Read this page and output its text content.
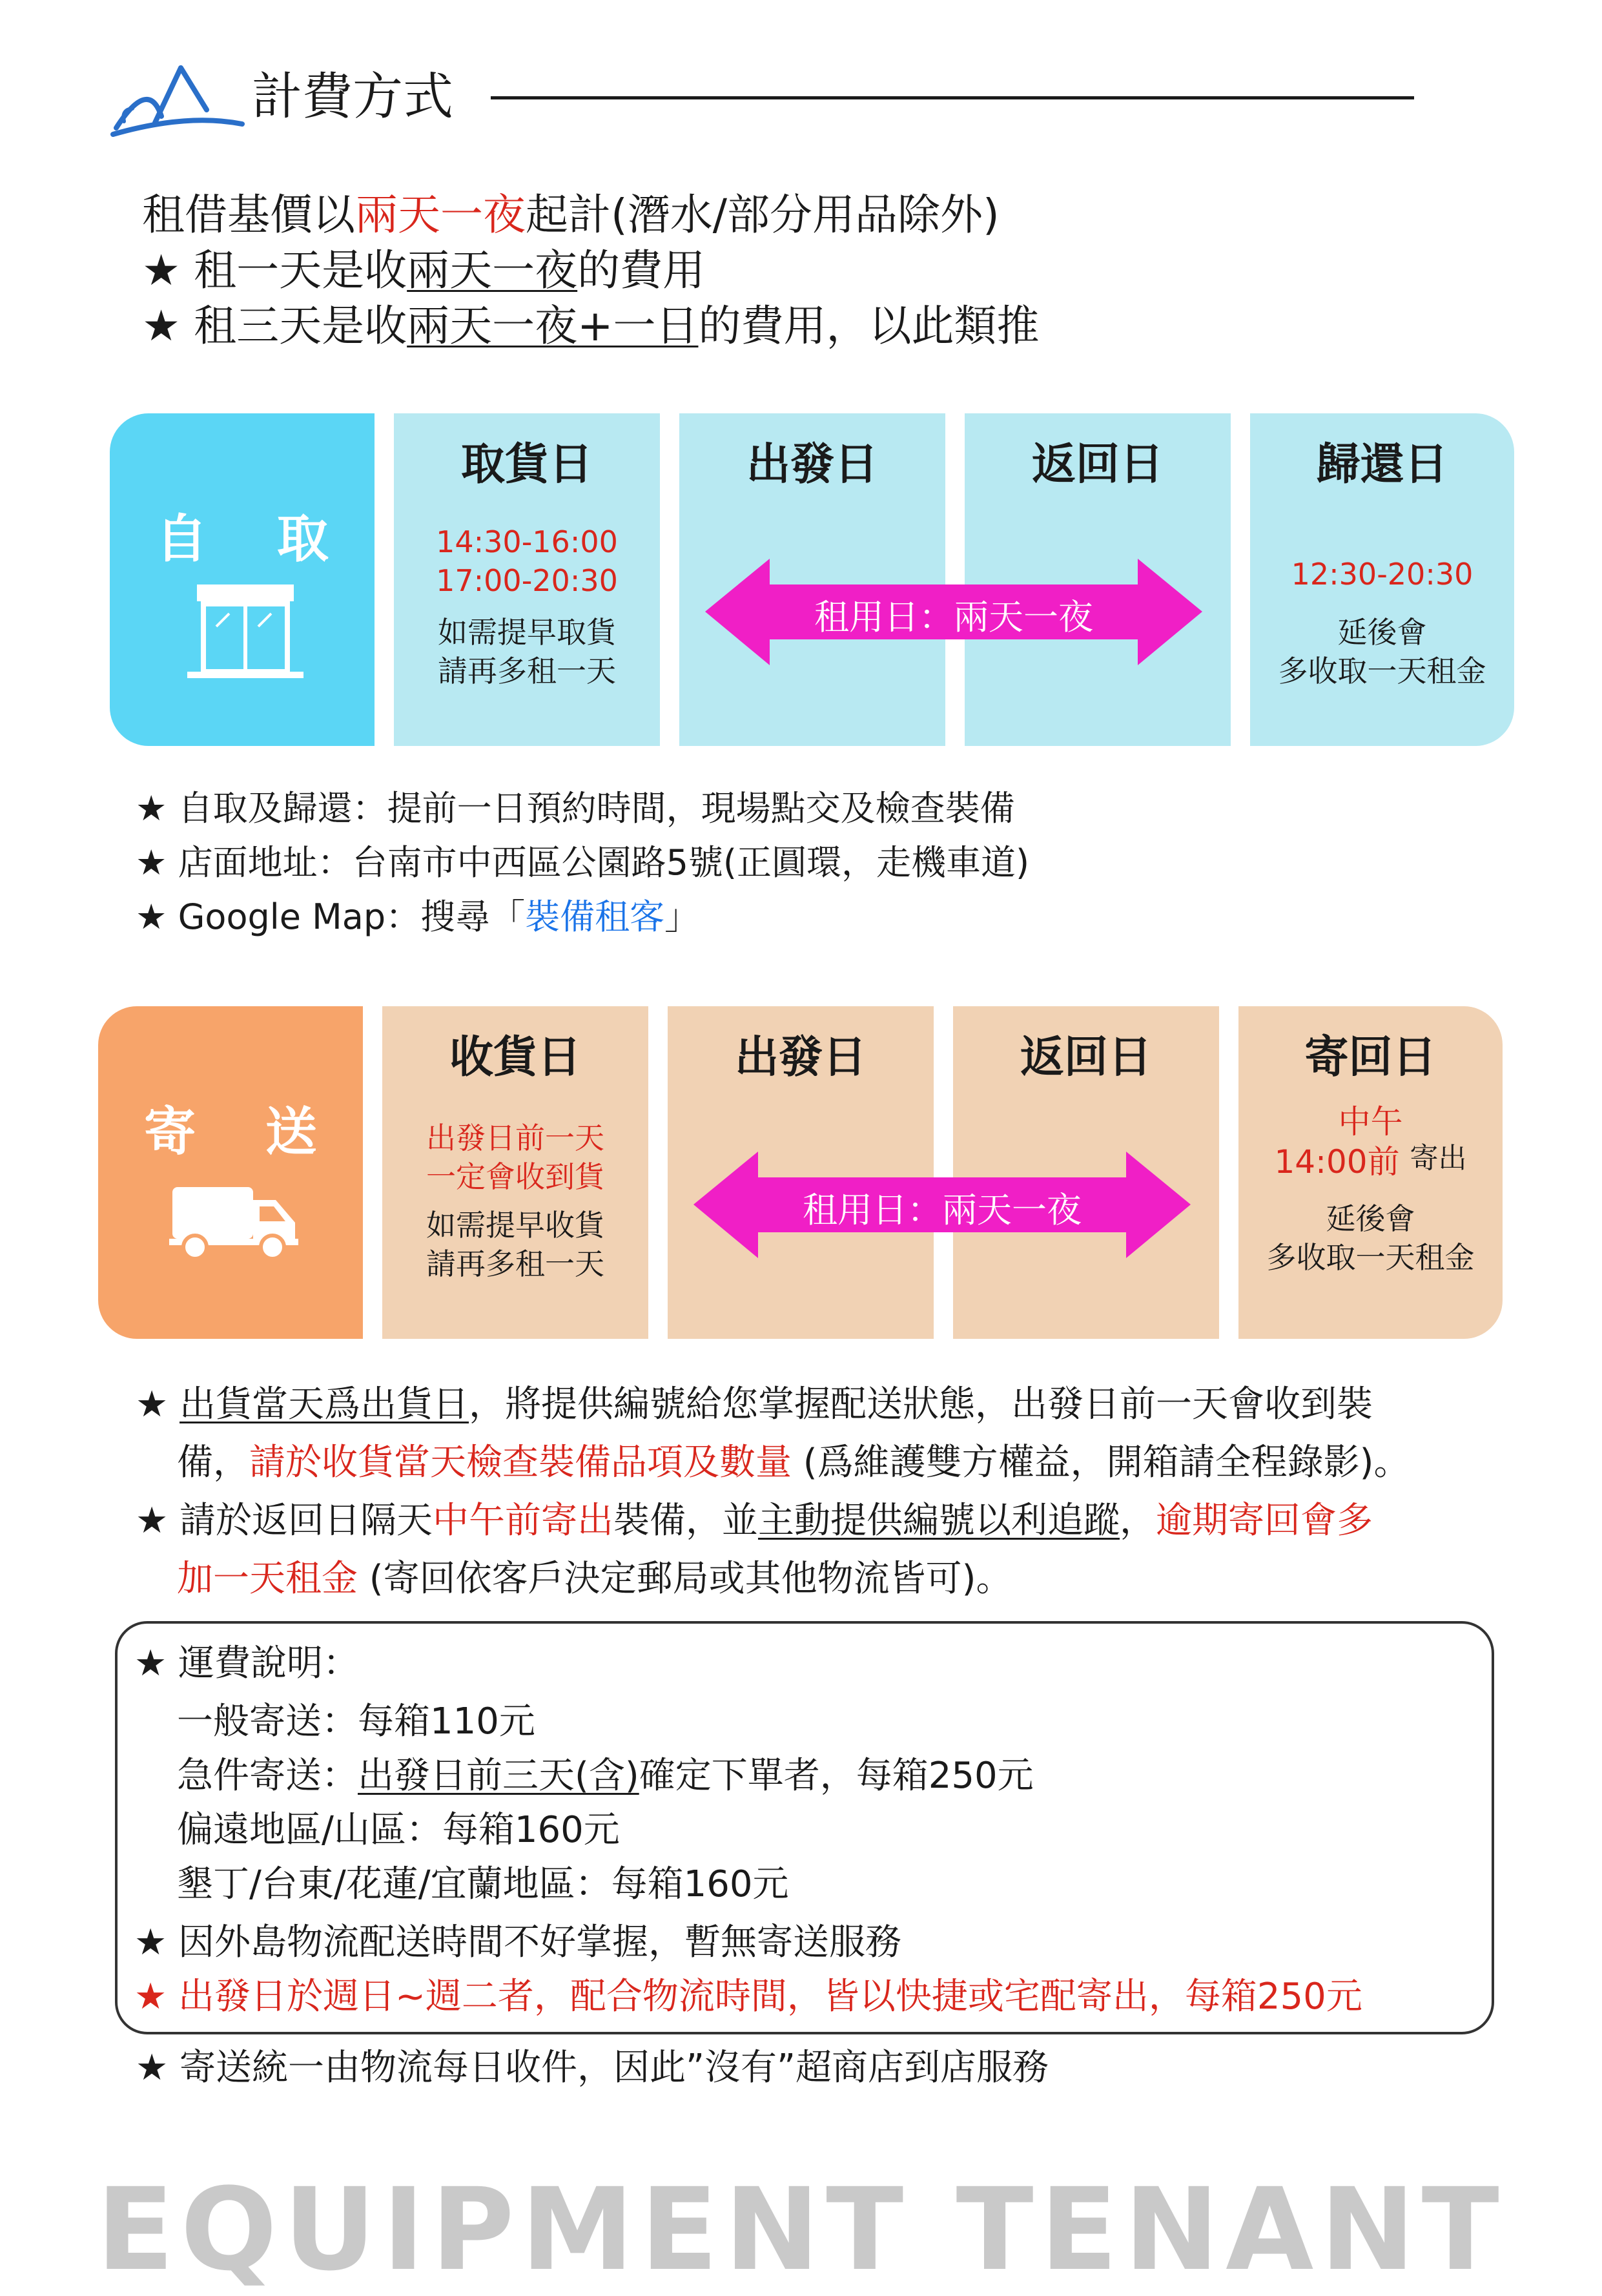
計費方式
租借基價以兩天一夜起計(潛水/部分用品除外)
★ 租一天是收兩天一夜的費用
★ 租三天是收兩天一夜+一日的費用，以此類推
自 取
取貨日
14:30-16:00
17:00-20:30
如需提早取貨
請再多租一天
出發日	返回日	歸還日
12:30-20:30
延後會
多收取一天租金
租用日：兩天一夜
★ 自取及歸還：提前一日預約時間，現場點交及檢查裝備
★ 店面地址：台南市中西區公園路5號(正圓環，走機車道)
★ Google Map：搜尋「裝備租客」
寄 送
收貨日
出發日前一天
一定會收到貨
如需提早收貨
請再多租一天
出發日	返回日	寄回日
中午
14:00前 寄出
延後會
多收取一天租金
租用日：兩天一夜
★ 出貨當天爲出貨日，將提供編號給您掌握配送狀態，出發日前一天會收到裝
備，請於收貨當天檢查裝備品項及數量 (爲維護雙方權益，開箱請全程錄影)。
★ 請於返回日隔天中午前寄出裝備，並主動提供編號以利追蹤，逾期寄回會多
加一天租金 (寄回依客戶決定郵局或其他物流皆可)。
★ 運費說明：
一般寄送：每箱110元
急件寄送：出發日前三天(含)確定下單者，每箱250元
偏遠地區/山區：每箱160元
墾丁/台東/花蓮/宜蘭地區：每箱160元
★ 因外島物流配送時間不好掌握，暫無寄送服務
★ 出發日於週日~週二者，配合物流時間，皆以快捷或宅配寄出，每箱250元
★ 寄送統一由物流每日收件，因此”沒有”超商店到店服務
EQUIPMENT TENANT
